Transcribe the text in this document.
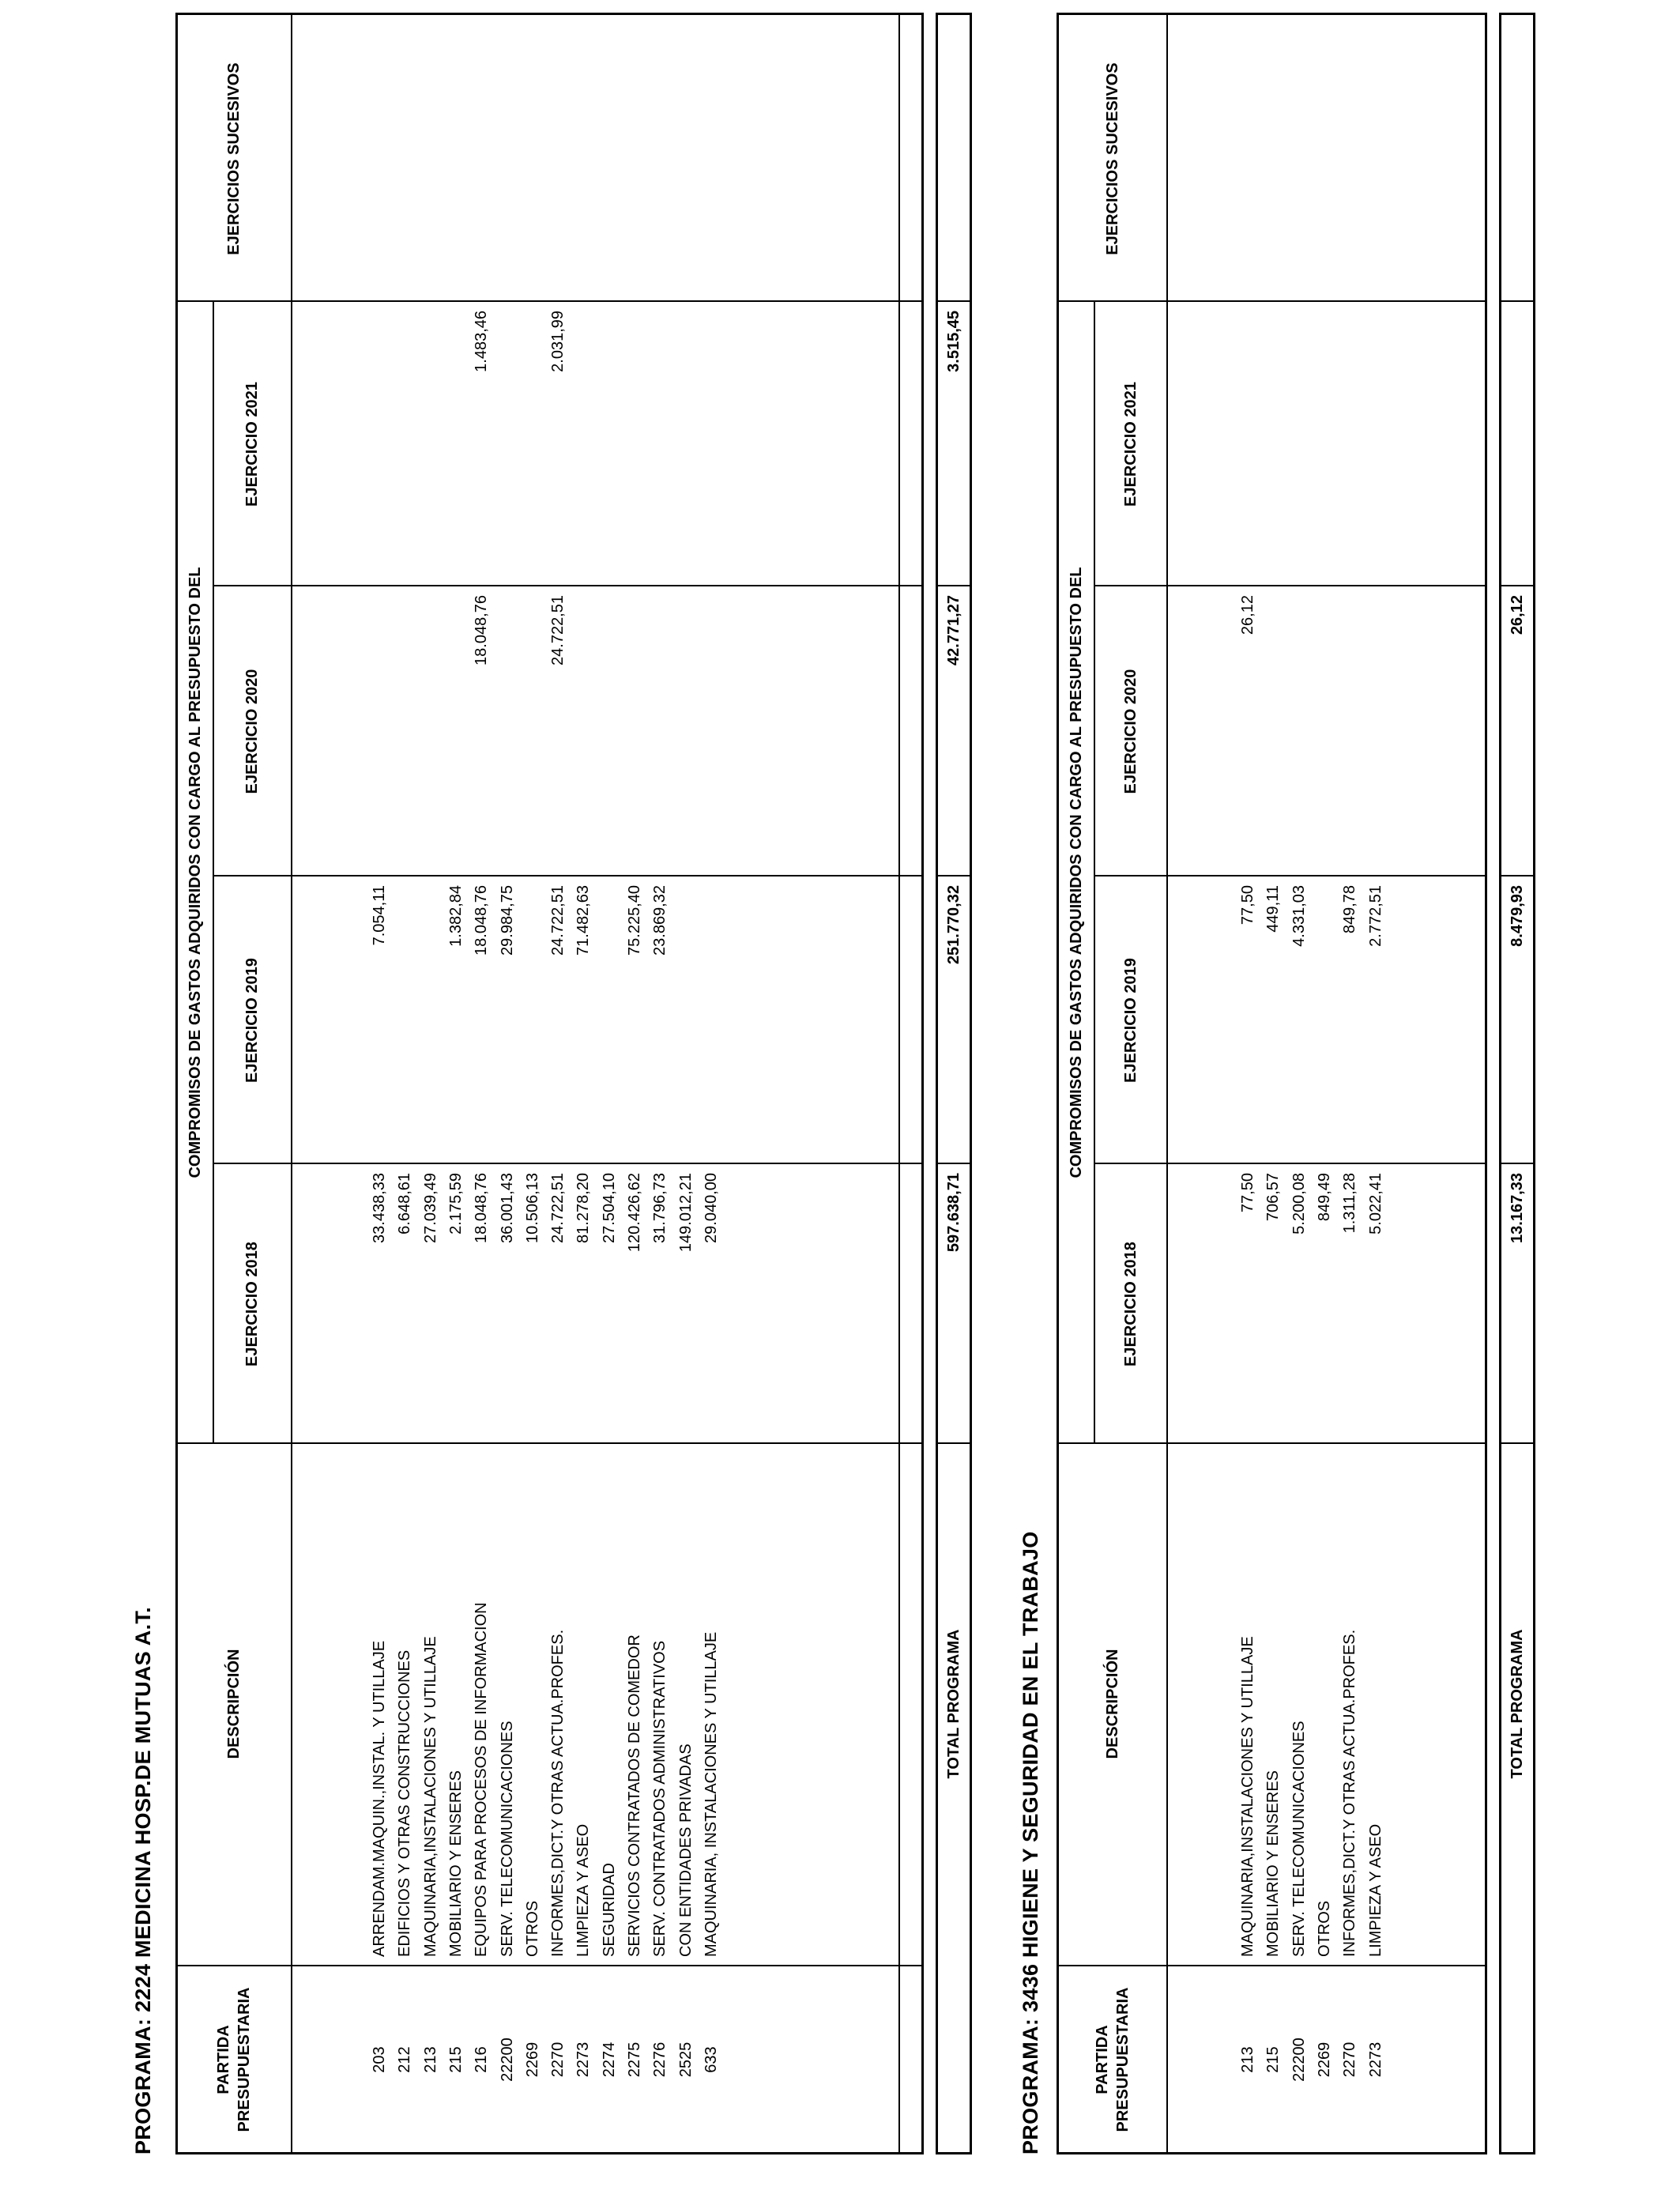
PROGRAMA: 2224 MEDICINA HOSP.DE MUTUAS A.T.	PARTIDA PRESUPUESTARIA
DESCRIPCIÓN
COMPROMISOS DE GASTOS ADQUIRIDOS CON CARGO AL PRESUPUESTO DEL
EJERCICIO 2018
EJERCICIO 2019
EJERCICIO 2020
EJERCICIO 2021
EJERCICIOS SUCESIVOS
203
ARRENDAM.MAQUIN.,INSTAL. Y UTILLAJE
33.438,33
7.054,11
212
EDIFICIOS Y OTRAS CONSTRUCCIONES
6.648,61
213
MAQUINARIA,INSTALACIONES Y UTILLAJE
27.039,49
215
MOBILIARIO Y ENSERES
2.175,59
1.382,84
216
EQUIPOS PARA PROCESOS DE INFORMACION
18.048,76
18.048,76
18.048,76
1.483,46
22200
SERV. TELECOMUNICACIONES
36.001,43
29.984,75
2269
OTROS
10.506,13
2270
INFORMES,DICT.Y OTRAS ACTUA.PROFES.
24.722,51
24.722,51
24.722,51
2.031,99
2273
LIMPIEZA Y ASEO
81.278,20
71.482,63
2274
SEGURIDAD
27.504,10
2275
SERVICIOS CONTRATADOS DE COMEDOR
120.426,62
75.225,40
2276
SERV. CONTRATADOS ADMINISTRATIVOS
31.796,73
23.869,32
2525
CON ENTIDADES PRIVADAS
149.012,21
633
MAQUINARIA, INSTALACIONES Y UTILLAJE
29.040,00
TOTAL PROGRAMA
597.638,71
251.770,32
42.771,27
3.515,45
PROGRAMA: 3436 HIGIENE Y SEGURIDAD EN EL TRABAJO	PARTIDA PRESUPUESTARIA
DESCRIPCIÓN
COMPROMISOS DE GASTOS ADQUIRIDOS CON CARGO AL PRESUPUESTO DEL
EJERCICIO 2018
EJERCICIO 2019
EJERCICIO 2020
EJERCICIO 2021
EJERCICIOS SUCESIVOS
213
MAQUINARIA,INSTALACIONES Y UTILLAJE
77,50
77,50
26,12
215
MOBILIARIO Y ENSERES
706,57
449,11
22200
SERV. TELECOMUNICACIONES
5.200,08
4.331,03
2269
OTROS
849,49
2270
INFORMES,DICT.Y OTRAS ACTUA.PROFES.
1.311,28
849,78
2273
LIMPIEZA Y ASEO
5.022,41
2.772,51
TOTAL PROGRAMA
13.167,33
8.479,93
26,12
